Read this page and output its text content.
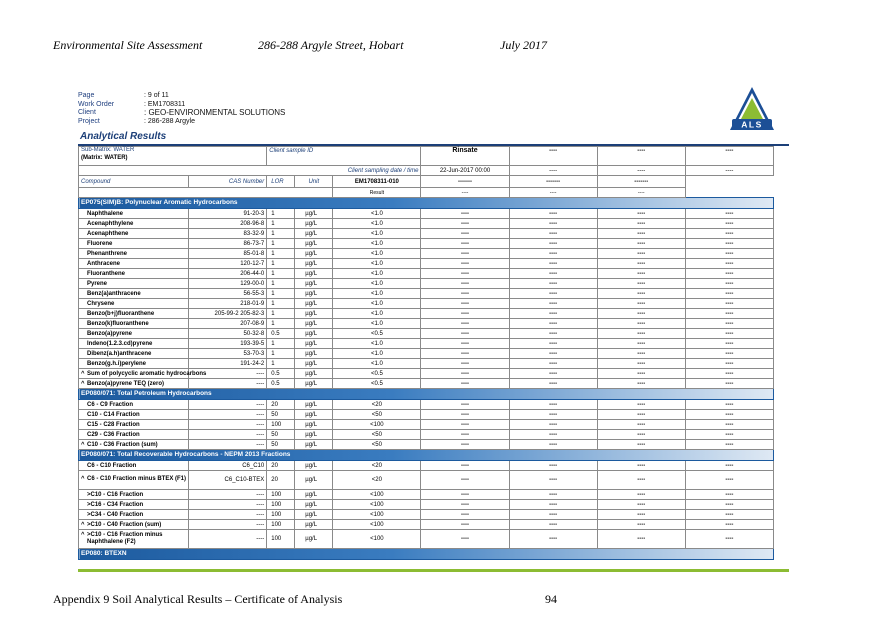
Environmental Site Assessment	286-288 Argyle Street, Hobart	July 2017
Page	: 9 of 11
Work Order	: EM1708311
Client	: GEO-ENVIRONMENTAL SOLUTIONS
Project	: 286-288 Argyle	ALS
Analytical Results
Sub-Matrix: WATER
(Matrix: WATER)		Client sample ID			Rinsate	----	----	----
Client sampling date / time					22-Jun-2017 00:00	----	----	----
Compound	CAS Number	LOR	Unit	EM1708311-010	-------	-------	-------	
				Result	----	----	----	
EP075(SIM)B: Polynuclear Aromatic Hydrocarbons								
Naphthalene	91-20-3	1	µg/L	<1.0	----	----	----	----
Acenaphthylene	208-96-8	1	µg/L	<1.0	----	----	----	----
Acenaphthene	83-32-9	1	µg/L	<1.0	----	----	----	----
Fluorene	86-73-7	1	µg/L	<1.0	----	----	----	----
Phenanthrene	85-01-8	1	µg/L	<1.0	----	----	----	----
Anthracene	120-12-7	1	µg/L	<1.0	----	----	----	----
Fluoranthene	206-44-0	1	µg/L	<1.0	----	----	----	----
Pyrene	129-00-0	1	µg/L	<1.0	----	----	----	----
Benz(a)anthracene	56-55-3	1	µg/L	<1.0	----	----	----	----
Chrysene	218-01-9	1	µg/L	<1.0	----	----	----	----
Benzo(b+j)fluoranthene	205-99-2 205-82-3	1	µg/L	<1.0	----	----	----	----
Benzo(k)fluoranthene	207-08-9	1	µg/L	<1.0	----	----	----	----
Benzo(a)pyrene	50-32-8	0.5	µg/L	<0.5	----	----	----	----
Indeno(1.2.3.cd)pyrene	193-39-5	1	µg/L	<1.0	----	----	----	----
Dibenz(a.h)anthracene	53-70-3	1	µg/L	<1.0	----	----	----	----
Benzo(g.h.i)perylene	191-24-2	1	µg/L	<1.0	----	----	----	----
^ Sum of polycyclic aromatic hydrocarbons	----	0.5	µg/L	<0.5	----	----	----	----
^ Benzo(a)pyrene TEQ (zero)	----	0.5	µg/L	<0.5	----	----	----	----
EP080/071: Total Petroleum Hydrocarbons								
C6 - C9 Fraction	----	20	µg/L	<20	----	----	----	----
C10 - C14 Fraction	----	50	µg/L	<50	----	----	----	----
C15 - C28 Fraction	----	100	µg/L	<100	----	----	----	----
C29 - C36 Fraction	----	50	µg/L	<50	----	----	----	----
^ C10 - C36 Fraction (sum)	----	50	µg/L	<50	----	----	----	----
EP080/071: Total Recoverable Hydrocarbons - NEPM 2013 Fractions								
C6 - C10 Fraction	C6_C10	20	µg/L	<20	----	----	----	----
^ C6 - C10 Fraction minus BTEX (F1)	C6_C10-BTEX	20	µg/L	<20	----	----	----	----
>C10 - C16 Fraction	----	100	µg/L	<100	----	----	----	----
>C16 - C34 Fraction	----	100	µg/L	<100	----	----	----	----
>C34 - C40 Fraction	----	100	µg/L	<100	----	----	----	----
^ >C10 - C40 Fraction (sum)	----	100	µg/L	<100	----	----	----	----
^ >C10 - C16 Fraction minus Naphthalene (F2)	----	100	µg/L	<100	----	----	----	----
EP080: BTEXN								
Appendix 9 Soil Analytical Results – Certificate of Analysis	94
